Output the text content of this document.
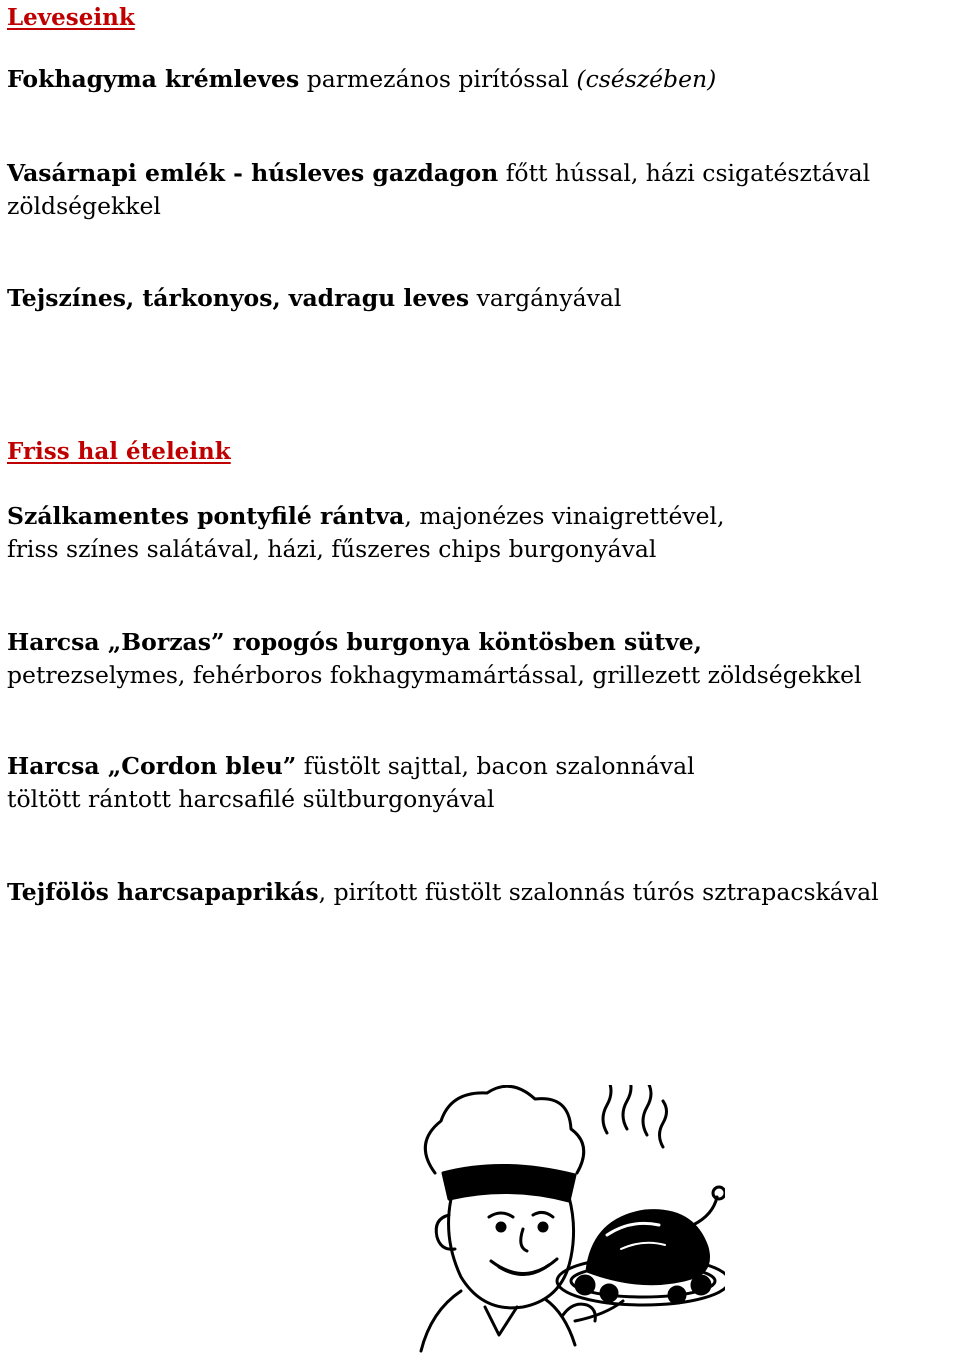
Leveseink

Fokhagyma krémleves parmezános pirítóssal (csészében)

Vasárnapi emlék - húsleves gazdagon főtt hússal, házi csigatésztával
zöldségekkel

Tejszínes, tárkonyos, vadragu leves vargányával

Friss hal ételeink

Szálkamentes pontyfilé rántva, majonézes vinaigrettével,
friss színes salátával, házi, fűszeres chips burgonyával

Harcsa „Borzas” ropogós burgonya köntösben sütve,
petrezselymes, fehérboros fokhagymamártással, grillezett zöldségekkel

Harcsa „Cordon bleu” füstölt sajttal, bacon szalonnával
töltött rántott harcsafilé sültburgonyával

Tejfölös harcsapaprikás, pirított füstölt szalonnás túrós sztrapacskával
